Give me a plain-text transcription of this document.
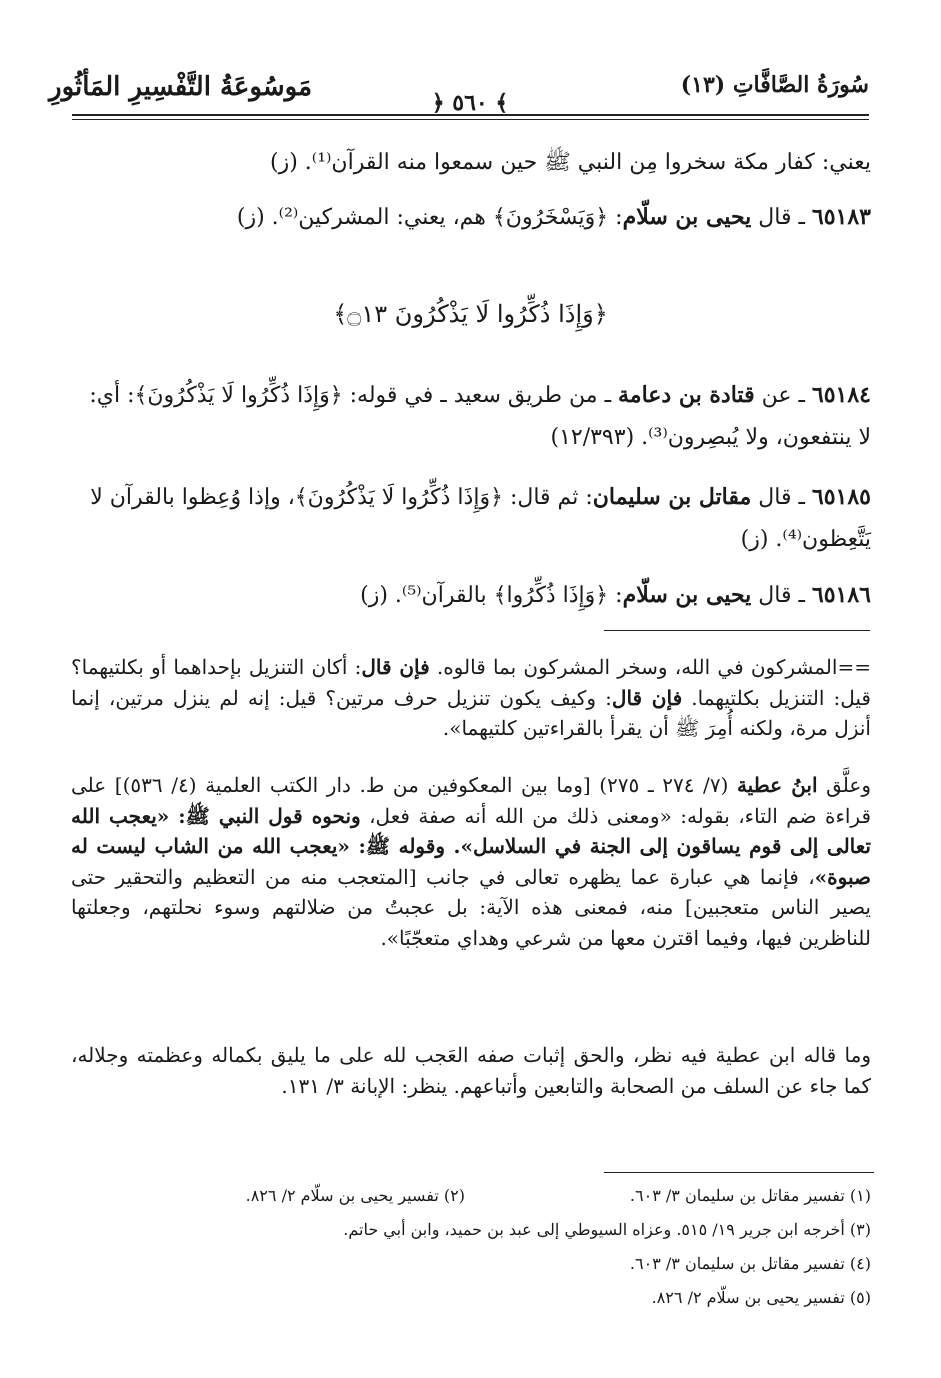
مَوسُوعَةُ التَّفْسِيرِ المَأثُورِ
﴾ ٥٦٠ ﴿
سُورَةُ الصَّافَّاتِ (١٣)
يعني: كفار مكة سخروا مِن النبي ﷺ حين سمعوا منه القرآن⁽¹⁾. (ز)
٦٥١٨٣ ـ قال يحيى بن سلّام: ﴿وَيَسْخَرُونَ﴾ هم، يعني: المشركين⁽²⁾. (ز)
﴿وَإِذَا ذُكِّرُوا لَا يَذْكُرُونَ ۝١٣﴾
٦٥١٨٤ ـ عن قتادة بن دعامة ـ من طريق سعيد ـ في قوله: ﴿وَإِذَا ذُكِّرُوا لَا يَذْكُرُونَ﴾: أي: لا ينتفعون، ولا يُبصِرون⁽³⁾. (١٢/٣٩٣)
٦٥١٨٥ ـ قال مقاتل بن سليمان: ثم قال: ﴿وَإِذَا ذُكِّرُوا لَا يَذْكُرُونَ﴾، وإذا وُعِظوا بالقرآن لا يَتَّعِظون⁽⁴⁾. (ز)
٦٥١٨٦ ـ قال يحيى بن سلّام: ﴿وَإِذَا ذُكِّرُوا﴾ بالقرآن⁽⁵⁾. (ز)
==المشركون في الله، وسخر المشركون بما قالوه. فإن قال: أكان التنزيل بإحداهما أو بكلتيهما؟ قيل: التنزيل بكلتيهما. فإن قال: وكيف يكون تنزيل حرف مرتين؟ قيل: إنه لم ينزل مرتين، إنما أنزل مرة، ولكنه أُمِرَ ﷺ أن يقرأ بالقراءتين كلتيهما».
وعلَّق ابنُ عطية (٧/ ٢٧٤ ـ ٢٧٥) [وما بين المعكوفين من ط. دار الكتب العلمية (٤/ ٥٣٦)] على قراءة ضم التاء، بقوله: «ومعنى ذلك من الله أنه صفة فعل، ونحوه قول النبي ﷺ: «يعجب الله تعالى إلى قوم يساقون إلى الجنة في السلاسل». وقوله ﷺ: «يعجب الله من الشاب ليست له صبوة»، فإنما هي عبارة عما يظهره تعالى في جانب [المتعجب منه من التعظيم والتحقير حتى يصير الناس متعجبين] منه، فمعنى هذه الآية: بل عجبتُ من ضلالتهم وسوء نحلتهم، وجعلتها للناظرين فيها، وفيما اقترن معها من شرعي وهداي متعجّبًا».
وما قاله ابن عطية فيه نظر، والحق إثبات صفه العَجب لله على ما يليق بكماله وعظمته وجلاله، كما جاء عن السلف من الصحابة والتابعين وأتباعهم. ينظر: الإبانة ٣/ ١٣١.
(١) تفسير مقاتل بن سليمان ٣/ ٦٠٣.
(٢) تفسير يحيى بن سلّام ٢/ ٨٢٦.
(٣) أخرجه ابن جرير ١٩/ ٥١٥. وعزاه السيوطي إلى عبد بن حميد، وابن أبي حاتم.
(٤) تفسير مقاتل بن سليمان ٣/ ٦٠٣.
(٥) تفسير يحيى بن سلّام ٢/ ٨٢٦.
